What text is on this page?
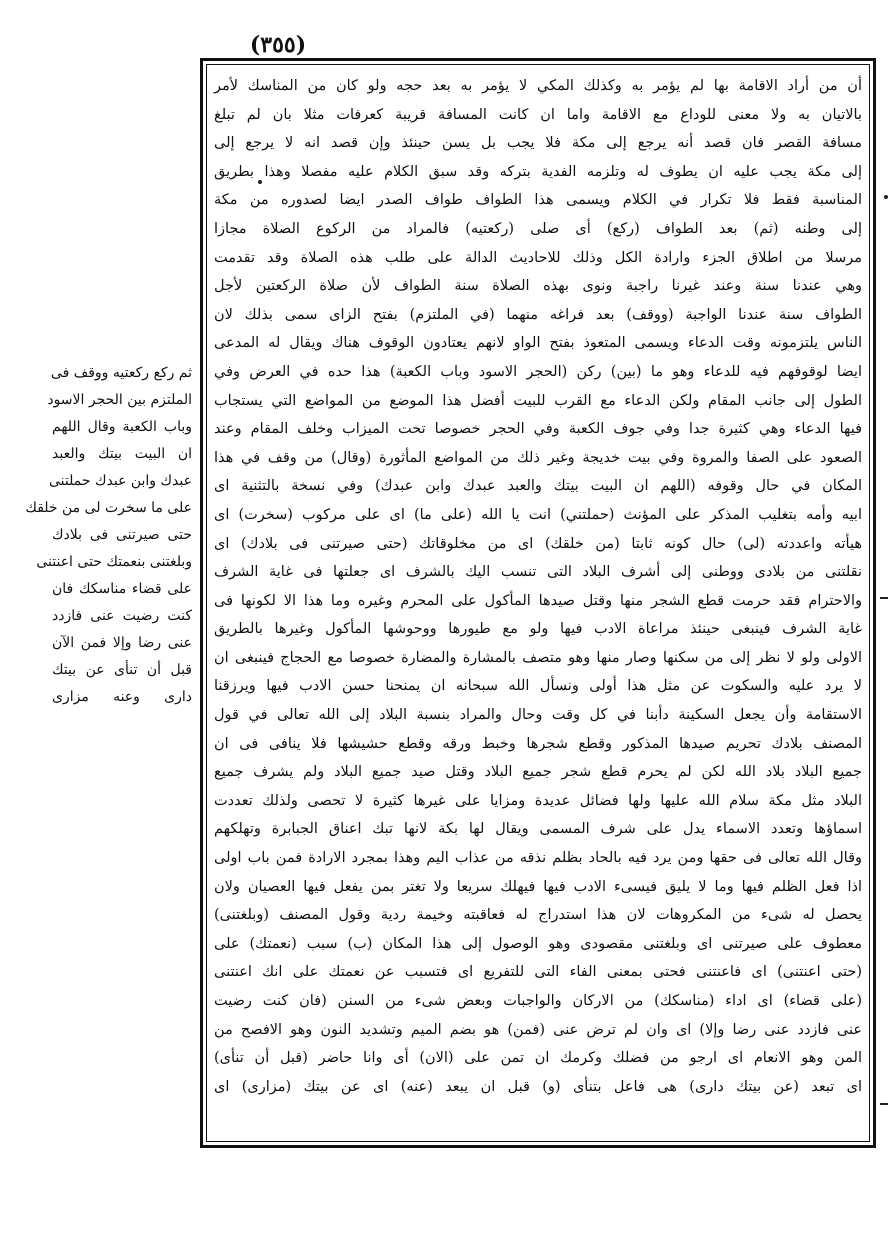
(٣٥٥)
أن من أراد الاقامة بها لم يؤمر به وكذلك المكي لا يؤمر به بعد حجه ولو كان من المناسك لأمر
بالاتيان به ولا معنى للوداع مع الاقامة واما ان كانت المسافة قريبة كعرفات مثلا بان لم تبلغ
مسافة القصر فان قصد أنه يرجع إلى مكة فلا يجب بل يسن حينئذ وإن قصد انه لا يرجع إلى
إلى مكة يجب عليه ان يطوف له وتلزمه الفدية بتركه وقد سبق الكلام عليه مفصلا وهذا بطريق
المناسبة فقط فلا تكرار في الكلام ويسمى هذا الطواف طواف الصدر ايضا لصدوره من مكة
إلى وطنه (ثم) بعد الطواف (ركع) أى صلى (ركعتيه) فالمراد من الركوع الصلاة مجازا
مرسلا من اطلاق الجزء وارادة الكل وذلك للاحاديث الدالة على طلب هذه الصلاة وقد تقدمت
وهي عندنا سنة وعند غيرنا راجبة ونوى بهذه الصلاة سنة الطواف لأن صلاة الركعتين لأجل
الطواف سنة عندنا الواجبة (ووقف) بعد فراغه منهما (في الملتزم) بفتح الزاى سمى بذلك لان
الناس يلتزمونه وقت الدعاء ويسمى المتعوذ بفتح الواو لانهم يعتادون الوقوف هناك ويقال له المدعى
ايضا لوقوفهم فيه للدعاء وهو ما (بين) ركن (الحجر الاسود وباب الكعبة) هذا حده في العرض وفي
الطول إلى جانب المقام ولكن الدعاء مع القرب للبيت أفضل هذا الموضع من المواضع التي يستجاب
فيها الدعاء وهي كثيرة جدا وفي جوف الكعبة وفي الحجر خصوصا تحت الميزاب وخلف المقام وعند
الصعود على الصفا والمروة وفي بيت خديجة وغير ذلك من المواضع المأثورة (وقال) من وقف في هذا
المكان في حال وقوفه (اللهم ان البيت بيتك والعبد عبدك وابن عبدك) وفي نسخة بالتثنية اى
ابيه وأمه بتغليب المذكر على المؤنث (حملتني) انت يا الله (على ما) اى على مركوب (سخرت) اى
هيأته واعددته (لى) حال كونه ثابتا (من خلقك) اى من مخلوقاتك (حتى صيرتنى فى بلادك) اى
نقلتنى من بلادى ووطنى إلى أشرف البلاد التى تنسب اليك بالشرف اى جعلتها فى غاية الشرف
والاحترام فقد حرمت قطع الشجر منها وقتل صيدها المأكول على المحرم وغيره وما هذا الا لكونها فى
غاية الشرف فينبغى حينئذ مراعاة الادب فيها ولو مع طيورها ووحوشها المأكول وغيرها بالطريق
الاولى ولو لا نظر إلى من سكنها وصار منها وهو متصف بالمشارة والمضارة خصوصا مع الحجاج فينبغى ان
لا يرد عليه والسكوت عن مثل هذا أولى ونسأل الله سبحانه ان يمنحنا حسن الادب فيها ويرزقنا
الاستقامة وأن يجعل السكينة دأبنا في كل وقت وحال والمراد بنسبة البلاد إلى الله تعالى في قول
المصنف بلادك تحريم صيدها المذكور وقطع شجرها وخبط ورقه وقطع حشيشها فلا ينافى فى ان
جميع البلاد بلاد الله لكن لم يحرم قطع شجر جميع البلاد وقتل صيد جميع البلاد ولم يشرف جميع
البلاد مثل مكة سلام الله عليها ولها فضائل عديدة ومزايا على غيرها كثيرة لا تحصى ولذلك تعددت
اسماؤها وتعدد الاسماء يدل على شرف المسمى ويقال لها بكة لانها تبك اعناق الجبابرة وتهلكهم
وقال الله تعالى فى حقها ومن يرد فيه بالحاد بظلم نذقه من عذاب اليم وهذا بمجرد الارادة فمن باب اولى
اذا فعل الظلم فيها وما لا يليق فيسىء الادب فيها فيهلك سريعا ولا تغتر بمن يفعل فيها العصيان ولان
يحصل له شىء من المكروهات لان هذا استدراج له فعاقبته وخيمة ردية وقول المصنف (وبلغتنى)
معطوف على صيرتنى اى وبلغتنى مقصودى وهو الوصول إلى هذا المكان (ب) سبب (نعمتك) على
(حتى اعنتنى) اى فاعنتنى فحتى بمعنى الفاء التى للتفريع اى فتسبب عن نعمتك على انك اعنتنى
(على قضاء) اى اداء (مناسكك) من الاركان والواجبات وبعض شىء من السنن (فان كنت رضيت
عنى فازدد عنى رضا وإلا) اى وان لم ترض عنى (فمن) هو بضم الميم وتشديد النون وهو الافصح من
المن وهو الانعام اى ارجو من فضلك وكرمك ان تمن على (الان) أى وانا حاضر (قبل أن تنأى)
اى تبعد (عن بيتك دارى) هى فاعل بتنأى (و) قبل ان يبعد (عنه) اى عن بيتك (مزارى) اى
ثم ركع ركعتيه ووقف فى
الملتزم بين الحجر الاسود
وباب الكعبة وقال اللهم
ان البيت بيتك والعبد
عبدك وابن عبدك حملتنى
على ما سخرت لى من خلقك
حتى صيرتنى فى بلادك
وبلغتنى بنعمتك حتى اعنتنى
على قضاء مناسكك فان
كنت رضيت عنى فازدد
عنى رضا وإلا فمن الآن
قبل أن تنأى عن بيتك
دارى وعنه مزارى
